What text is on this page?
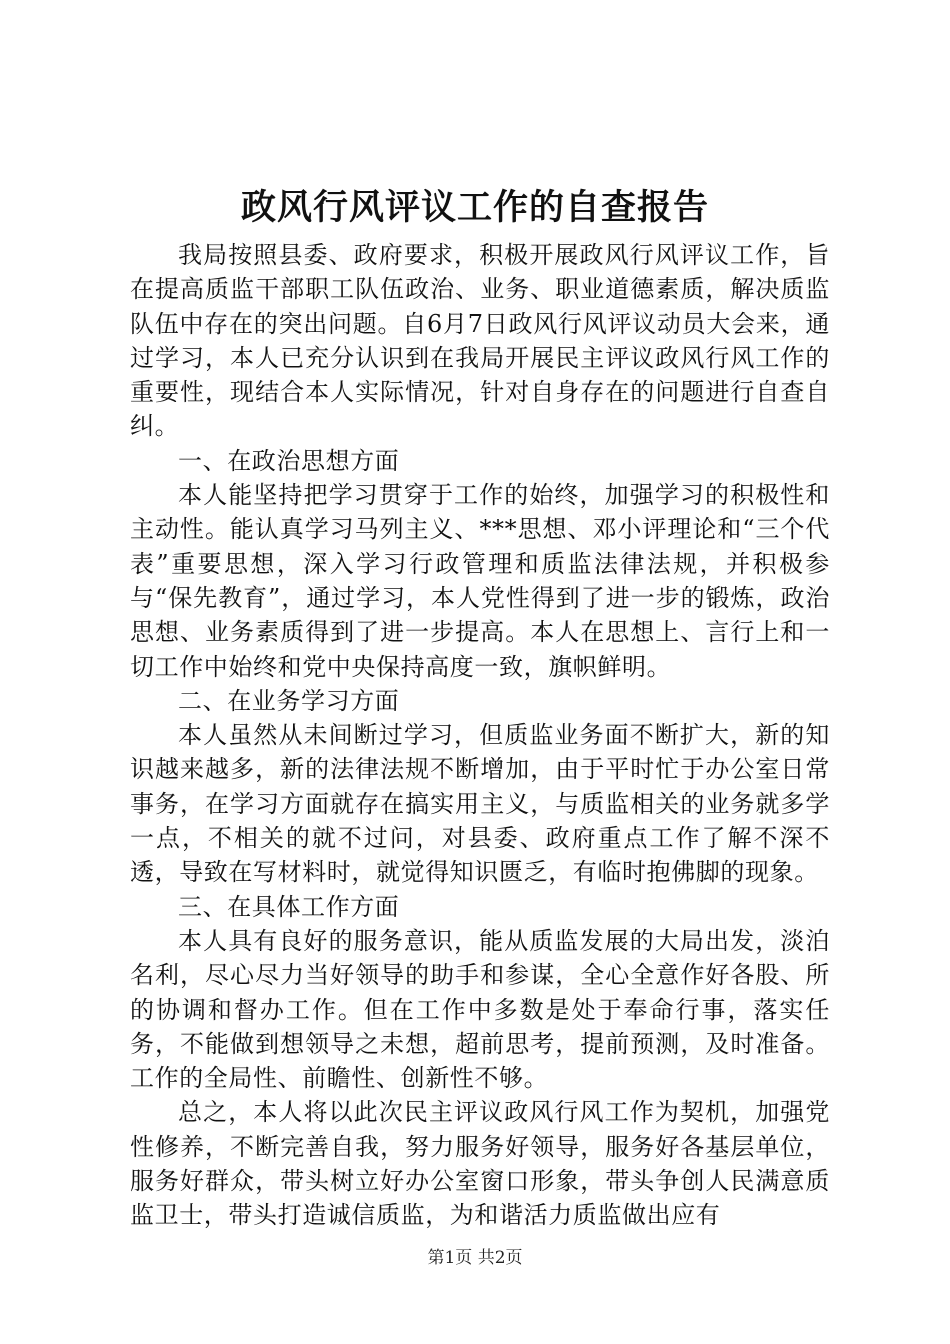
政风行风评议工作的自查报告

我局按照县委、政府要求，积极开展政风行风评议工作，旨在提高质监干部职工队伍政治、业务、职业道德素质，解决质监队伍中存在的突出问题。自6月7日政风行风评议动员大会来，通过学习，本人已充分认识到在我局开展民主评议政风行风工作的重要性，现结合本人实际情况，针对自身存在的问题进行自查自纠。

一、在政治思想方面

本人能坚持把学习贯穿于工作的始终，加强学习的积极性和主动性。能认真学习马列主义、***思想、邓小评理论和“三个代表”重要思想，深入学习行政管理和质监法律法规，并积极参与“保先教育”，通过学习，本人党性得到了进一步的锻炼，政治思想、业务素质得到了进一步提高。本人在思想上、言行上和一切工作中始终和党中央保持高度一致，旗帜鲜明。

二、在业务学习方面

本人虽然从未间断过学习，但质监业务面不断扩大，新的知识越来越多，新的法律法规不断增加，由于平时忙于办公室日常事务，在学习方面就存在搞实用主义，与质监相关的业务就多学一点，不相关的就不过问，对县委、政府重点工作了解不深不透，导致在写材料时，就觉得知识匮乏，有临时抱佛脚的现象。

三、在具体工作方面

本人具有良好的服务意识，能从质监发展的大局出发，淡泊名利，尽心尽力当好领导的助手和参谋，全心全意作好各股、所的协调和督办工作。但在工作中多数是处于奉命行事，落实任务，不能做到想领导之未想，超前思考，提前预测，及时准备。工作的全局性、前瞻性、创新性不够。

总之，本人将以此次民主评议政风行风工作为契机，加强党性修养，不断完善自我，努力服务好领导，服务好各基层单位，服务好群众，带头树立好办公室窗口形象，带头争创人民满意质监卫士，带头打造诚信质监，为和谐活力质监做出应有

第1页 共2页
